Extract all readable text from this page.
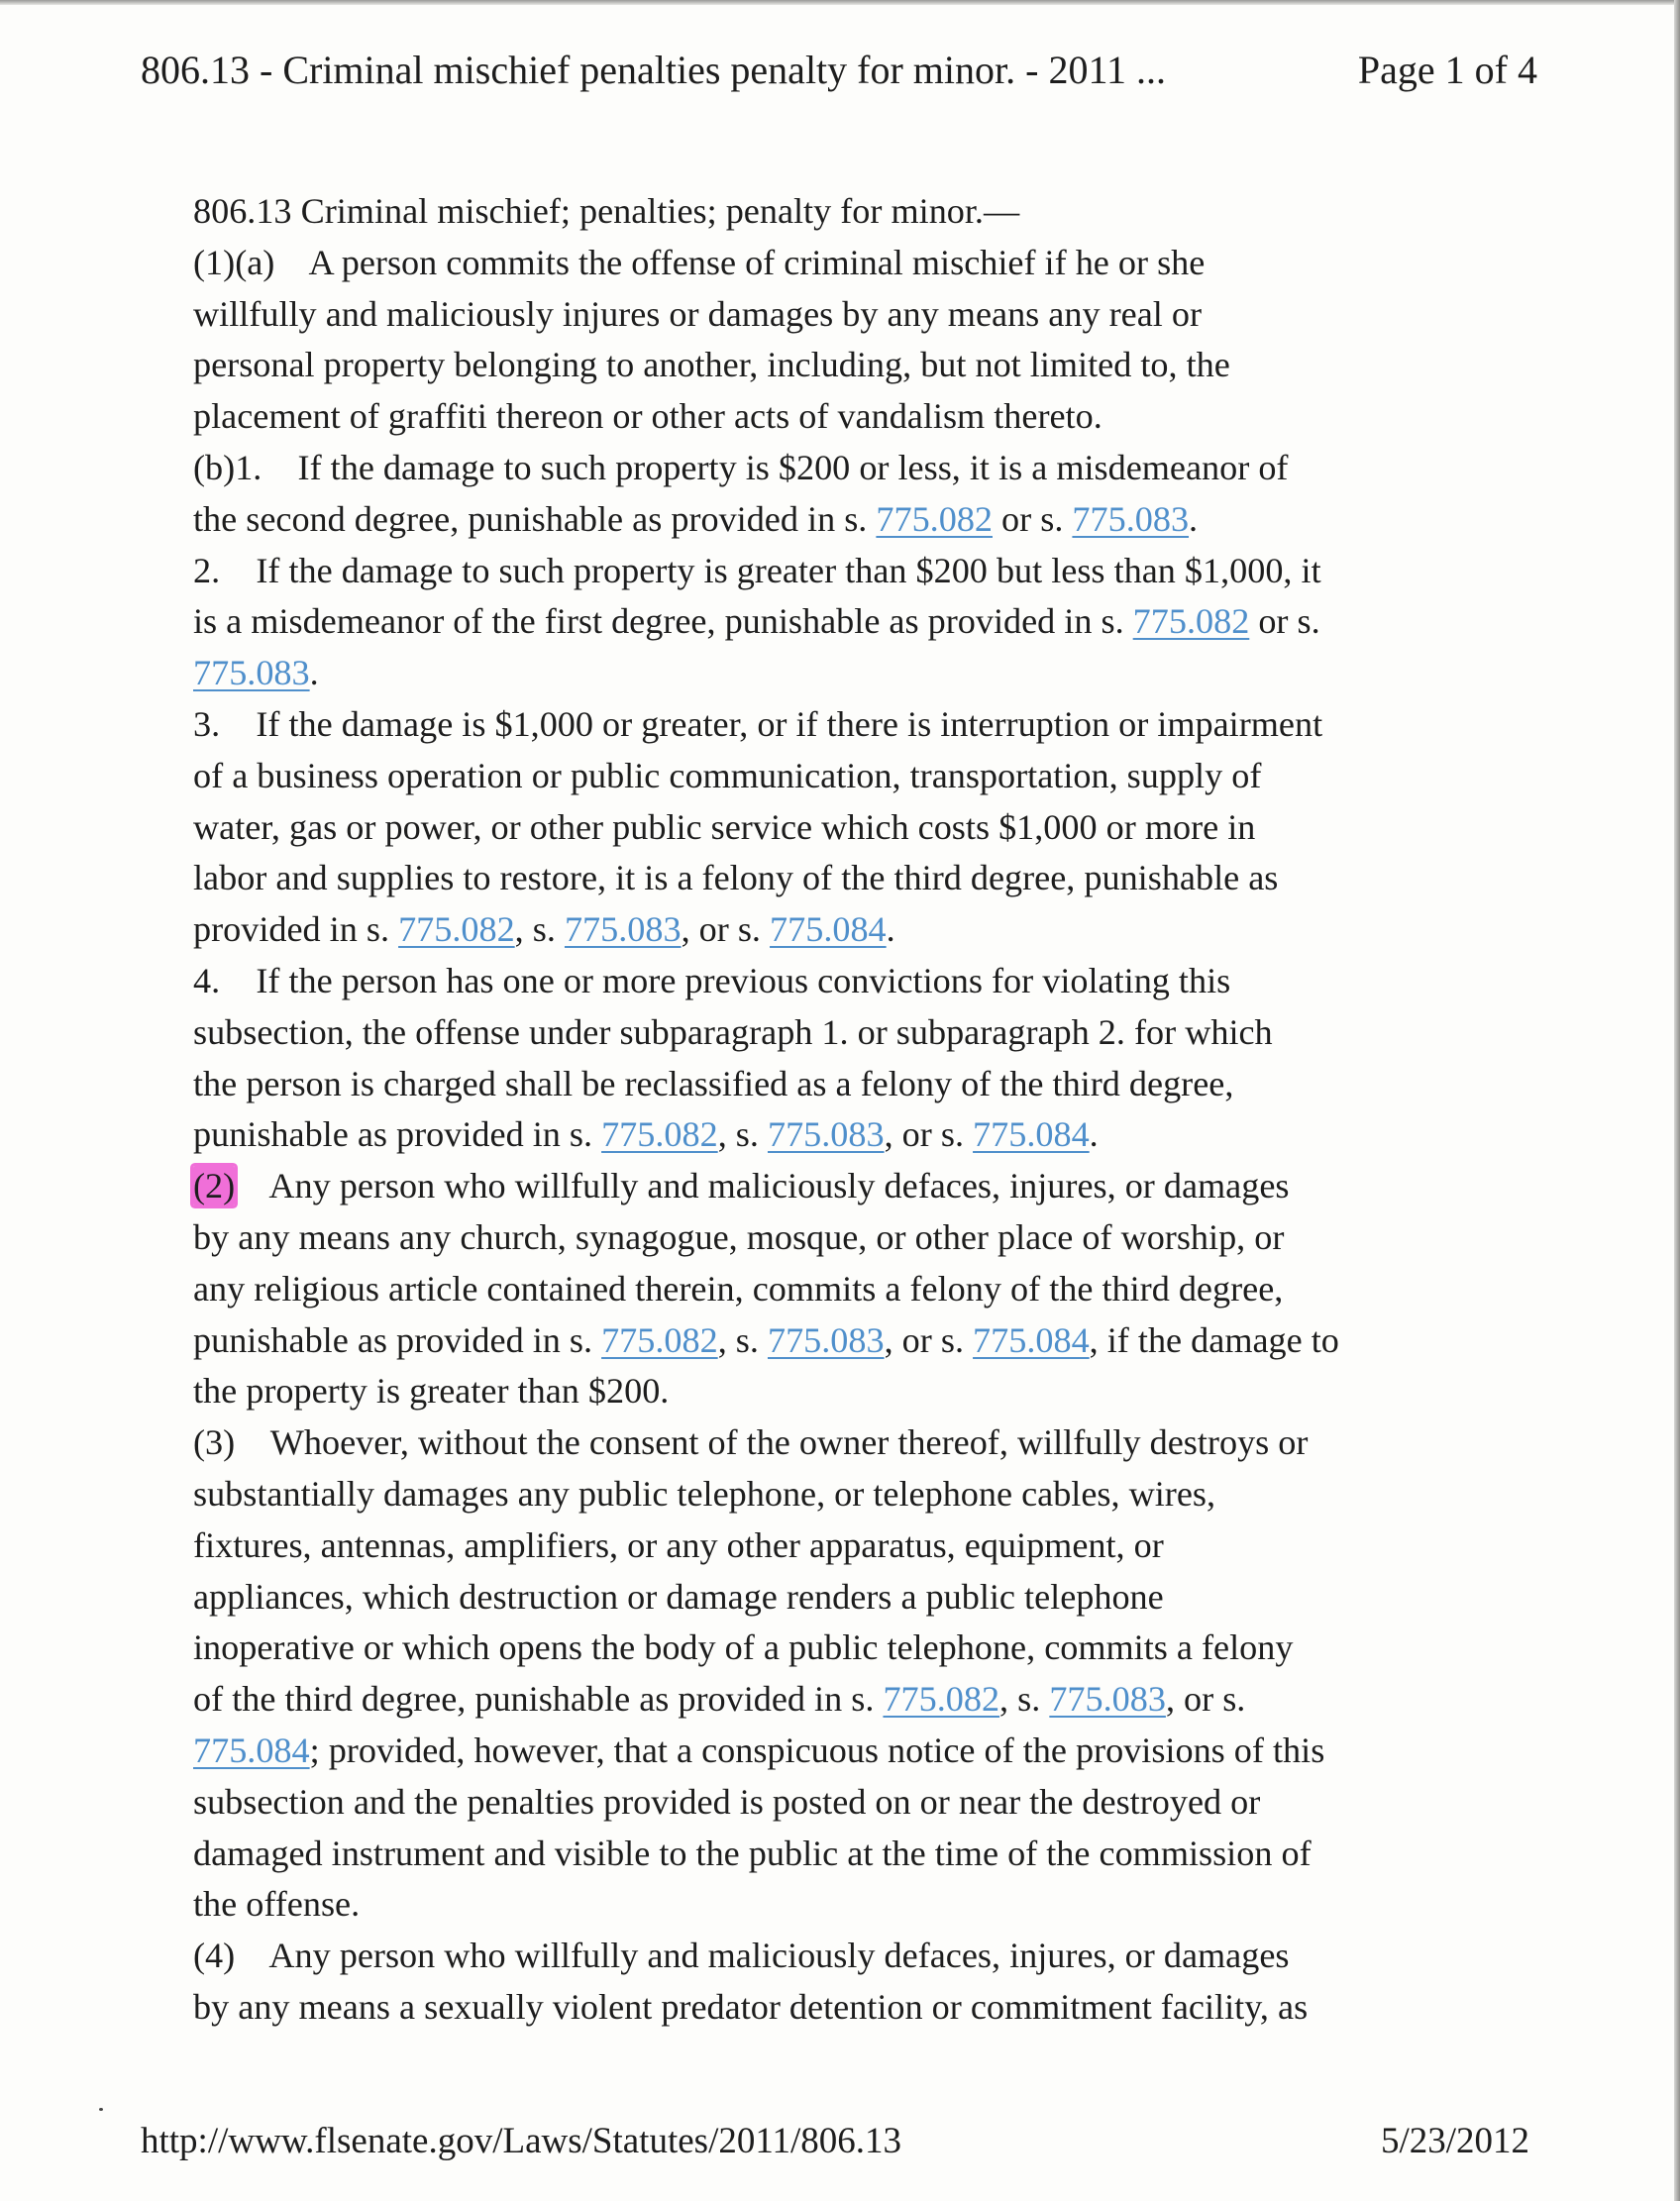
806.13 - Criminal mischief penalties penalty for minor. - 2011 ...	Page 1 of 4
806.13 Criminal mischief; penalties; penalty for minor.—
(1)(a)    A person commits the offense of criminal mischief if he or she
willfully and maliciously injures or damages by any means any real or
personal property belonging to another, including, but not limited to, the
placement of graffiti thereon or other acts of vandalism thereto.
(b)1.    If the damage to such property is $200 or less, it is a misdemeanor of
the second degree, punishable as provided in s. 775.082 or s. 775.083.
2.    If the damage to such property is greater than $200 but less than $1,000, it
is a misdemeanor of the first degree, punishable as provided in s. 775.082 or s.
775.083.
3.    If the damage is $1,000 or greater, or if there is interruption or impairment
of a business operation or public communication, transportation, supply of
water, gas or power, or other public service which costs $1,000 or more in
labor and supplies to restore, it is a felony of the third degree, punishable as
provided in s. 775.082, s. 775.083, or s. 775.084.
4.    If the person has one or more previous convictions for violating this
subsection, the offense under subparagraph 1. or subparagraph 2. for which
the person is charged shall be reclassified as a felony of the third degree,
punishable as provided in s. 775.082, s. 775.083, or s. 775.084.
(2)    Any person who willfully and maliciously defaces, injures, or damages
by any means any church, synagogue, mosque, or other place of worship, or
any religious article contained therein, commits a felony of the third degree,
punishable as provided in s. 775.082, s. 775.083, or s. 775.084, if the damage to
the property is greater than $200.
(3)    Whoever, without the consent of the owner thereof, willfully destroys or
substantially damages any public telephone, or telephone cables, wires,
fixtures, antennas, amplifiers, or any other apparatus, equipment, or
appliances, which destruction or damage renders a public telephone
inoperative or which opens the body of a public telephone, commits a felony
of the third degree, punishable as provided in s. 775.082, s. 775.083, or s.
775.084; provided, however, that a conspicuous notice of the provisions of this
subsection and the penalties provided is posted on or near the destroyed or
damaged instrument and visible to the public at the time of the commission of
the offense.
(4)    Any person who willfully and maliciously defaces, injures, or damages
by any means a sexually violent predator detention or commitment facility, as
http://www.flsenate.gov/Laws/Statutes/2011/806.13	5/23/2012
